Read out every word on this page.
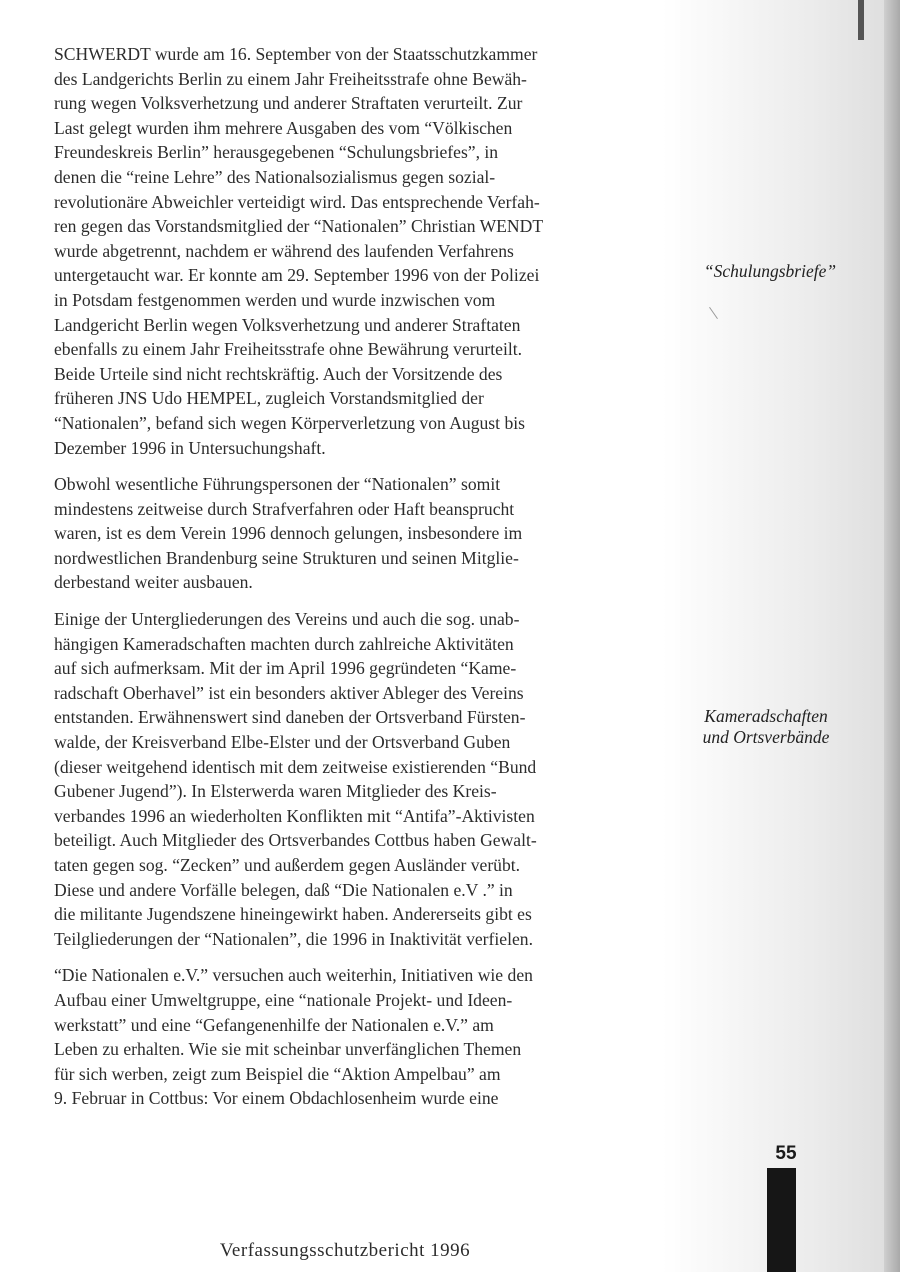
SCHWERDT wurde am 16. September von der Staatsschutzkammer
des Landgerichts Berlin zu einem Jahr Freiheitsstrafe ohne Bewäh-
rung wegen Volksverhetzung und anderer Straftaten verurteilt. Zur
Last gelegt wurden ihm mehrere Ausgaben des vom “Völkischen
Freundeskreis Berlin” herausgegebenen “Schulungsbriefes”, in
denen die “reine Lehre” des Nationalsozialismus gegen sozial-
revolutionäre Abweichler verteidigt wird. Das entsprechende Verfah-
ren gegen das Vorstandsmitglied der “Nationalen” Christian WENDT
wurde abgetrennt, nachdem er während des laufenden Verfahrens
untergetaucht war. Er konnte am 29. September 1996 von der Polizei
in Potsdam festgenommen werden und wurde inzwischen vom
Landgericht Berlin wegen Volksverhetzung und anderer Straftaten
ebenfalls zu einem Jahr Freiheitsstrafe ohne Bewährung verurteilt.
Beide Urteile sind nicht rechtskräftig. Auch der Vorsitzende des
früheren JNS Udo HEMPEL, zugleich Vorstandsmitglied der
“Nationalen”, befand sich wegen Körperverletzung von August bis
Dezember 1996 in Untersuchungshaft.

Obwohl wesentliche Führungspersonen der “Nationalen” somit
mindestens zeitweise durch Strafverfahren oder Haft beansprucht
waren, ist es dem Verein 1996 dennoch gelungen, insbesondere im
nordwestlichen Brandenburg seine Strukturen und seinen Mitglie-
derbestand weiter ausbauen.

Einige der Untergliederungen des Vereins und auch die sog. unab-
hängigen Kameradschaften machten durch zahlreiche Aktivitäten
auf sich aufmerksam. Mit der im April 1996 gegründeten “Kame-
radschaft Oberhavel” ist ein besonders aktiver Ableger des Vereins
entstanden. Erwähnenswert sind daneben der Ortsverband Fürsten-
walde, der Kreisverband Elbe-Elster und der Ortsverband Guben
(dieser weitgehend identisch mit dem zeitweise existierenden “Bund
Gubener Jugend”). In Elsterwerda waren Mitglieder des Kreis-
verbandes 1996 an wiederholten Konflikten mit “Antifa”-Aktivisten
beteiligt. Auch Mitglieder des Ortsverbandes Cottbus haben Gewalt-
taten gegen sog. “Zecken” und außerdem gegen Ausländer verübt.
Diese und andere Vorfälle belegen, daß “Die Nationalen e.V .” in
die militante Jugendszene hineingewirkt haben. Andererseits gibt es
Teilgliederungen der “Nationalen”, die 1996 in Inaktivität verfielen.

“Die Nationalen e.V.” versuchen auch weiterhin, Initiativen wie den
Aufbau einer Umweltgruppe, eine “nationale Projekt- und Ideen-
werkstatt” und eine “Gefangenenhilfe der Nationalen e.V.” am
Leben zu erhalten. Wie sie mit scheinbar unverfänglichen Themen
für sich werben, zeigt zum Beispiel die “Aktion Ampelbau” am
9. Februar in Cottbus: Vor einem Obdachlosenheim wurde eine

“Schulungsbriefe”
Kameradschaften
und Ortsverbände
55
Verfassungsschutzbericht 1996
